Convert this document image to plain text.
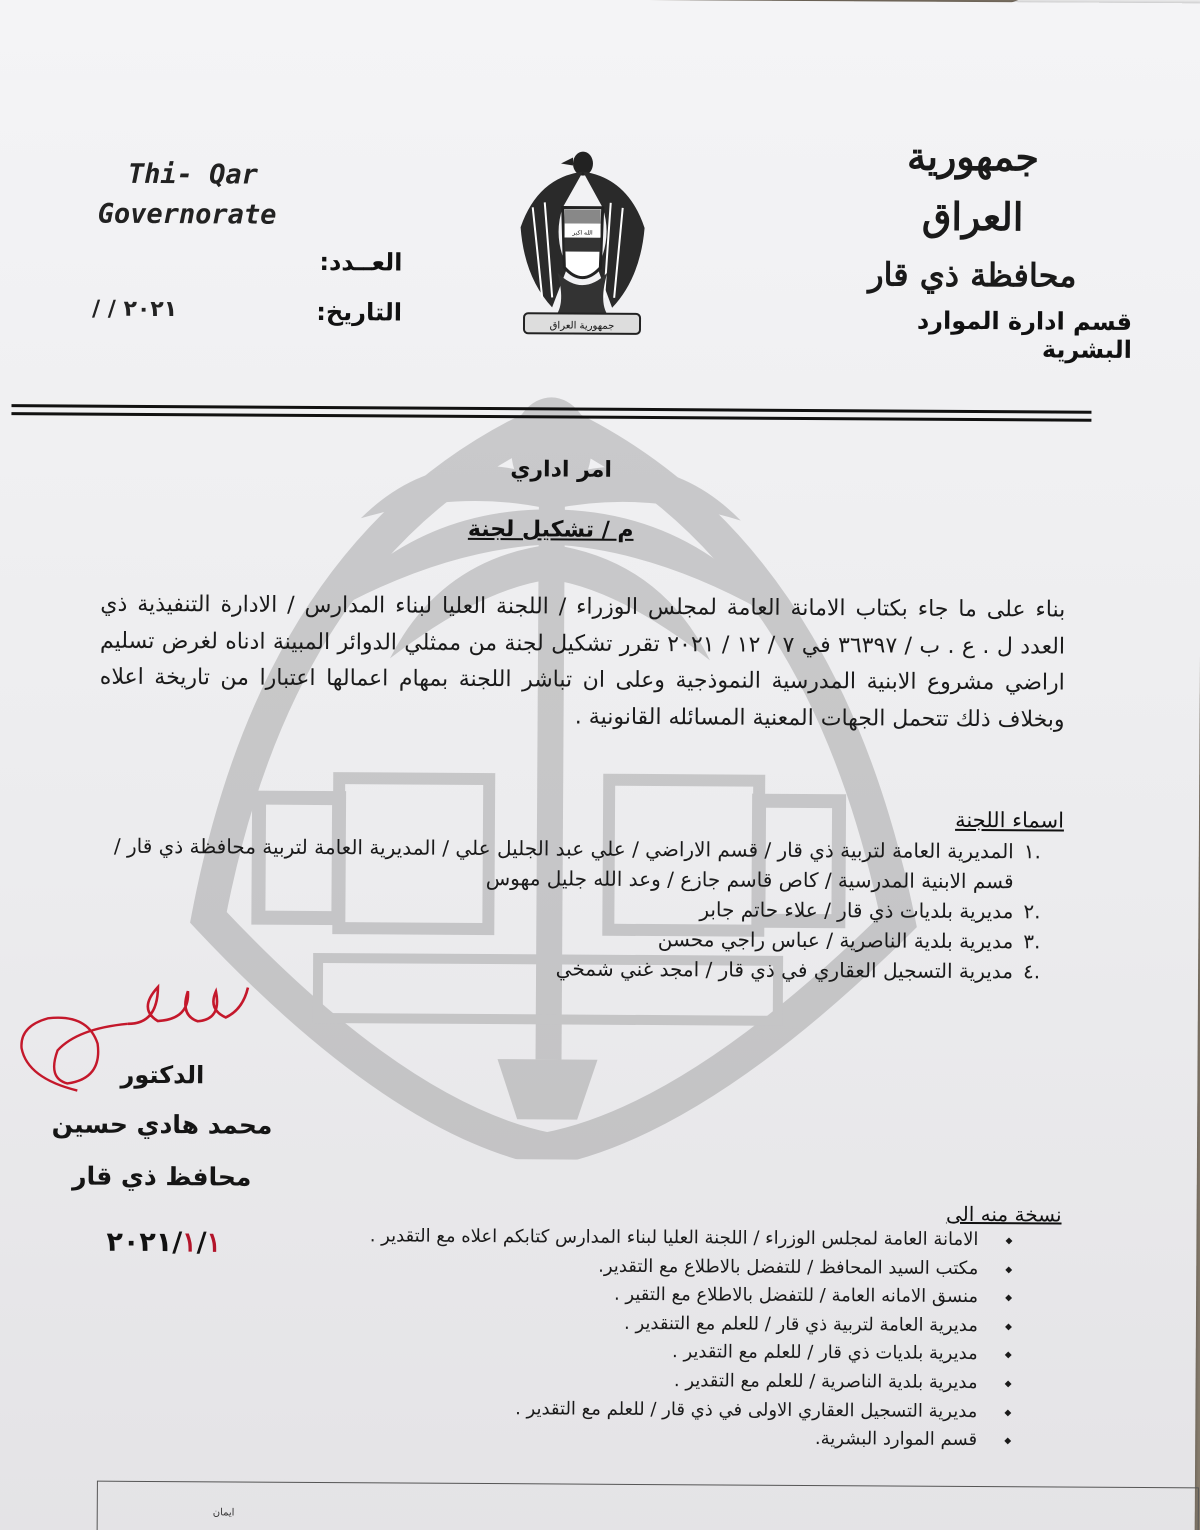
Thi- Qar
Governorate
العــدد:
التاريخ:
/ / ٢٠٢١
الله اكبر
جمهورية العراق
جمهورية العراق
محافظة ذي قار
قسم ادارة الموارد البشرية
امر اداري
م / تشكيل لجنة
بناء على ما جاء بكتاب الامانة العامة لمجلس الوزراء / اللجنة العليا لبناء المدارس / الادارة التنفيذية ذي العدد ل . ع . ب / ٣٦٣٩٧ في ٧ / ١٢ / ٢٠٢١ تقرر تشكيل لجنة من ممثلي الدوائر المبينة ادناه لغرض تسليم اراضي مشروع الابنية المدرسية النموذجية وعلى ان تباشر اللجنة بمهام اعمالها اعتبارا من تاريخة اعلاه وبخلاف ذلك تتحمل الجهات المعنية المسائله القانونية .
اسماء اللجنة
.١
المديرية العامة لتربية ذي قار / قسم الاراضي / علي عبد الجليل علي / المديرية العامة لتربية محافظة ذي قار / قسم الابنية المدرسية / كاص قاسم جازع / وعد الله جليل مهوس
.٢
مديرية بلديات ذي قار / علاء حاتم جابر
.٣
مديرية بلدية الناصرية / عباس راجي محسن
.٤
مديرية التسجيل العقاري في ذي قار / امجد غني شمخي
الدكتور
محمد هادي حسين
محافظ ذي قار
٢٠٢١/١/١
نسخة منه الى
◆
الامانة العامة لمجلس الوزراء / اللجنة العليا لبناء المدارس كتابكم اعلاه مع التقدير .
◆
مكتب السيد المحافظ / للتفضل بالاطلاع مع التقدير.
◆
منسق الامانه العامة / للتفضل بالاطلاع مع التقير .
◆
مديرية العامة لتربية ذي قار / للعلم مع التنقدير .
◆
مديرية بلديات ذي قار / للعلم مع التقدير .
◆
مديرية بلدية الناصرية / للعلم مع التقدير .
◆
مديرية التسجيل العقاري الاولى في ذي قار / للعلم مع التقدير .
◆
قسم الموارد البشرية.
ايمان
